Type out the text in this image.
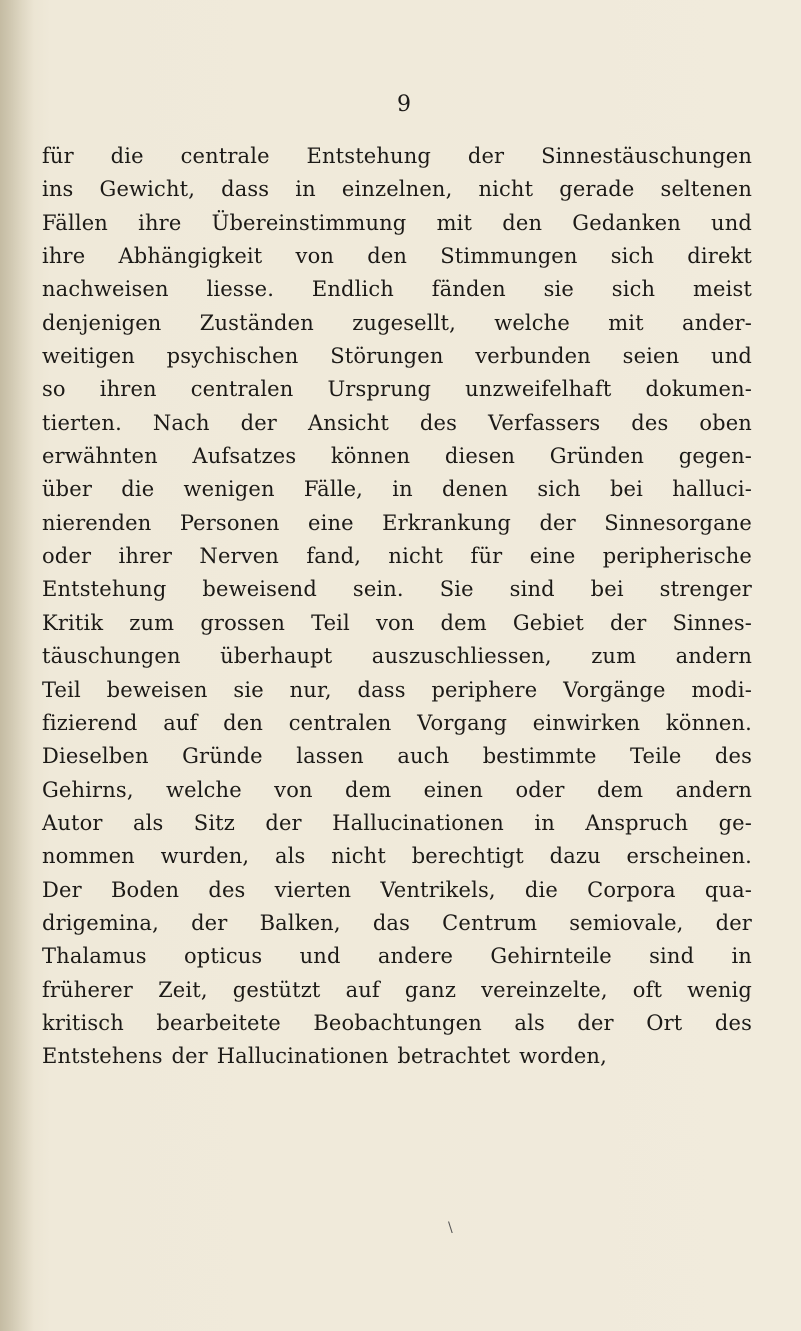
9
für die centrale Entstehung der Sinnestäuschungen
ins Gewicht, dass in einzelnen, nicht gerade seltenen
Fällen ihre Übereinstimmung mit den Gedanken und
ihre Abhängigkeit von den Stimmungen sich direkt
nachweisen liesse. Endlich fänden sie sich meist
denjenigen Zuständen zugesellt, welche mit ander-
weitigen psychischen Störungen verbunden seien und
so ihren centralen Ursprung unzweifelhaft dokumen-
tierten. Nach der Ansicht des Verfassers des oben
erwähnten Aufsatzes können diesen Gründen gegen-
über die wenigen Fälle, in denen sich bei halluci-
nierenden Personen eine Erkrankung der Sinnesorgane
oder ihrer Nerven fand, nicht für eine peripherische
Entstehung beweisend sein. Sie sind bei strenger
Kritik zum grossen Teil von dem Gebiet der Sinnes-
täuschungen überhaupt auszuschliessen, zum andern
Teil beweisen sie nur, dass periphere Vorgänge modi-
fizierend auf den centralen Vorgang einwirken können.
Dieselben Gründe lassen auch bestimmte Teile des
Gehirns, welche von dem einen oder dem andern
Autor als Sitz der Hallucinationen in Anspruch ge-
nommen wurden, als nicht berechtigt dazu erscheinen.
Der Boden des vierten Ventrikels, die Corpora qua-
drigemina, der Balken, das Centrum semiovale, der
Thalamus opticus und andere Gehirnteile sind in
früherer Zeit, gestützt auf ganz vereinzelte, oft wenig
kritisch bearbeitete Beobachtungen als der Ort des
Entstehens der Hallucinationen betrachtet worden,
\
